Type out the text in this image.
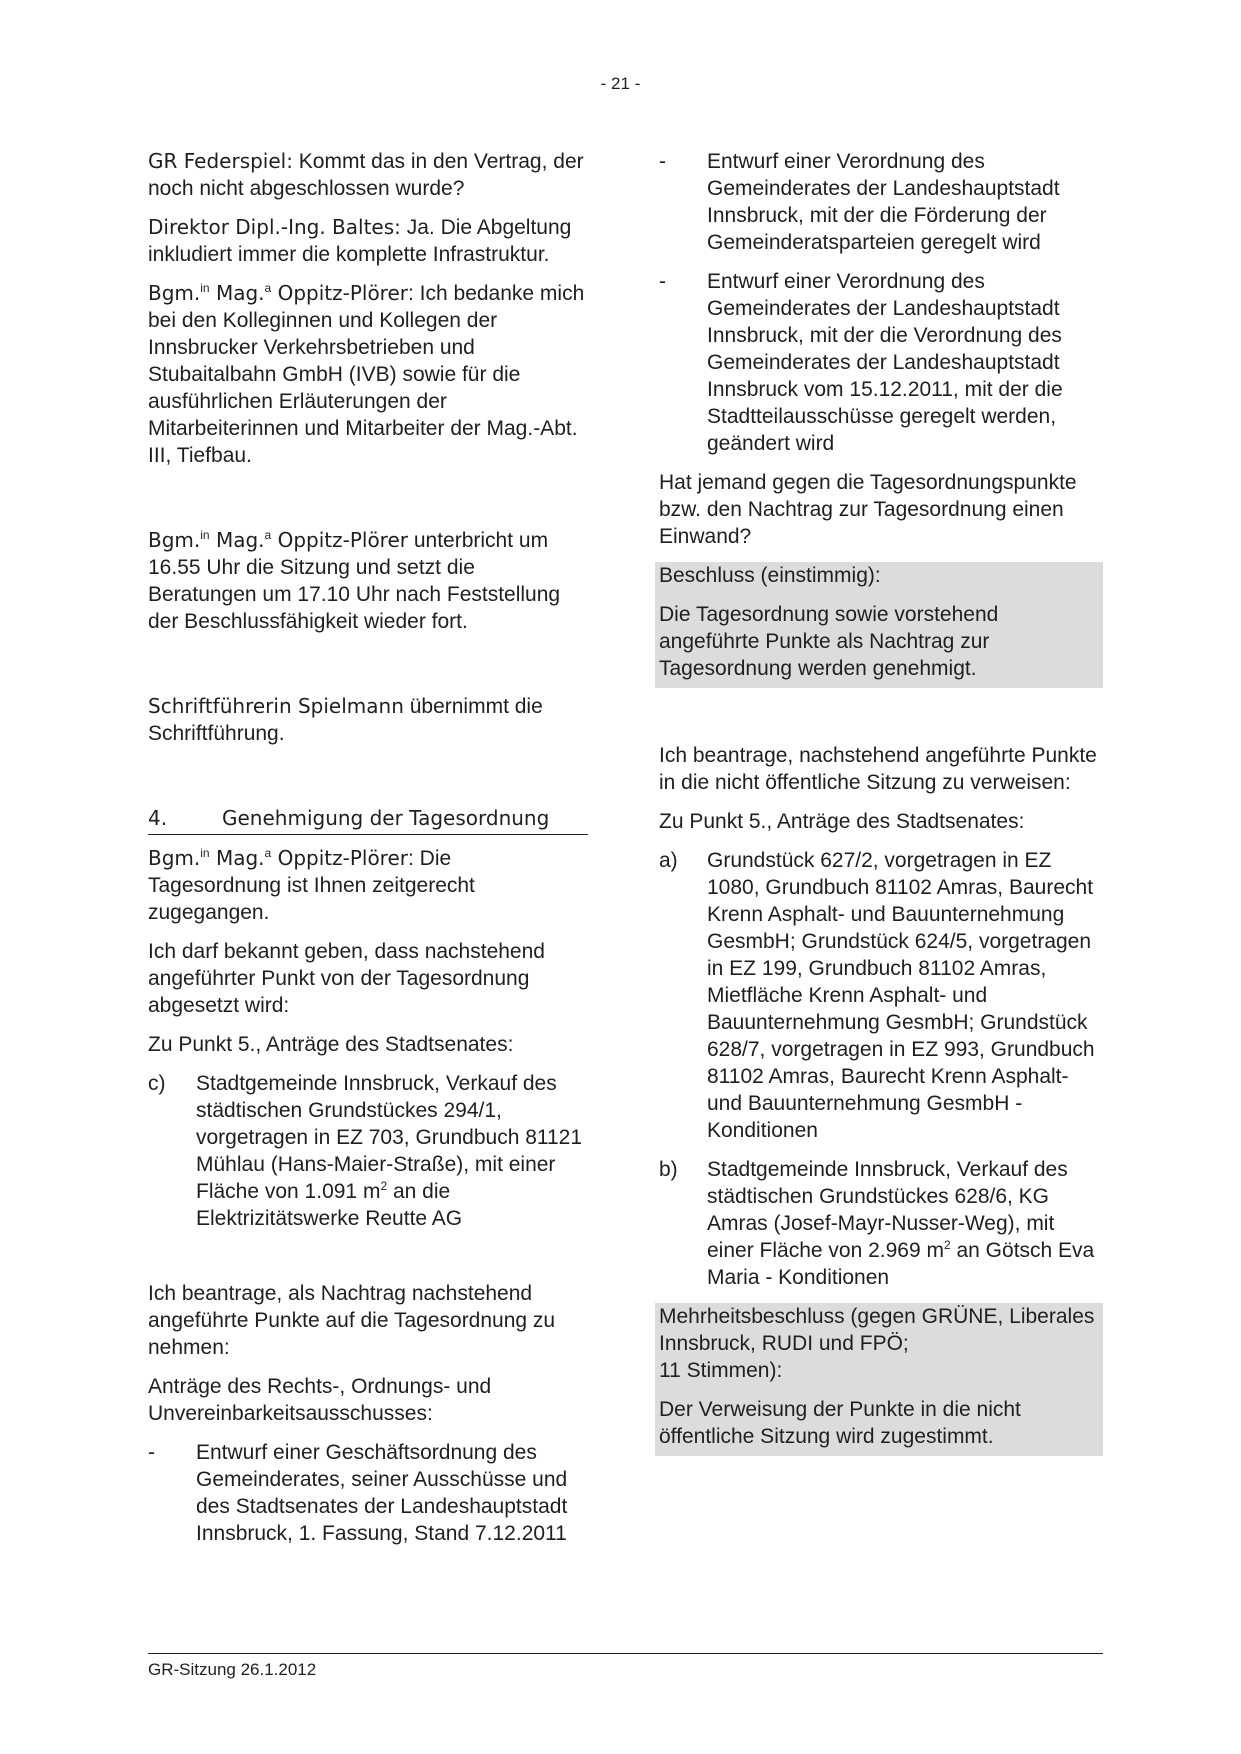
- 21 -

GR Federspiel: Kommt das in den Vertrag, der noch nicht abgeschlossen wurde?

Direktor Dipl.-Ing. Baltes: Ja. Die Abgeltung inkludiert immer die komplette Infrastruktur.

Bgm.$^{in}$ Mag.$^a$ Oppitz-Plörer: Ich bedanke mich bei den Kolleginnen und Kollegen der Innsbrucker Verkehrsbetrieben und Stubaitalbahn GmbH (IVB) sowie für die ausführlichen Erläuterungen der Mitarbeiterinnen und Mitarbeiter der Mag.-Abt. III, Tiefbau.

Bgm.$^{in}$ Mag.$^a$ Oppitz-Plörer unterbricht um 16.55 Uhr die Sitzung und setzt die Beratungen um 17.10 Uhr nach Feststellung der Beschlussfähigkeit wieder fort.

Schriftführerin Spielmann übernimmt die Schriftführung.

4.	Genehmigung der Tagesordnung

Bgm.$^{in}$ Mag.$^a$ Oppitz-Plörer: Die Tagesordnung ist Ihnen zeitgerecht zugegangen.

Ich darf bekannt geben, dass nachstehend angeführter Punkt von der Tagesordnung abgesetzt wird:

Zu Punkt 5., Anträge des Stadtsenates:

c)	Stadtgemeinde Innsbruck, Verkauf des städtischen Grundstückes 294/1, vorgetragen in EZ 703, Grundbuch 81121 Mühlau (Hans-Maier-Straße), mit einer Fläche von 1.091 $m^2$ an die Elektrizitätswerke Reutte AG

Ich beantrage, als Nachtrag nachstehend angeführte Punkte auf die Tagesordnung zu nehmen:

Anträge des Rechts-, Ordnungs- und Unvereinbarkeitsausschusses:

-	Entwurf einer Geschäftsordnung des Gemeinderates, seiner Ausschüsse und des Stadtsenates der Landeshauptstadt Innsbruck, 1. Fassung, Stand 7.12.2011
-	Entwurf einer Verordnung des Gemeinderates der Landeshauptstadt Innsbruck, mit der die Förderung der Gemeinderatsparteien geregelt wird
-	Entwurf einer Verordnung des Gemeinderates der Landeshauptstadt Innsbruck, mit der die Verordnung des Gemeinderates der Landeshauptstadt Innsbruck vom 15.12.2011, mit der die Stadtteilausschüsse geregelt werden, geändert wird

Hat jemand gegen die Tagesordnungspunkte bzw. den Nachtrag zur Tagesordnung einen Einwand?

Beschluss (einstimmig):

Die Tagesordnung sowie vorstehend angeführte Punkte als Nachtrag zur Tagesordnung werden genehmigt.

Ich beantrage, nachstehend angeführte Punkte in die nicht öffentliche Sitzung zu verweisen:

Zu Punkt 5., Anträge des Stadtsenates:

a)	Grundstück 627/2, vorgetragen in EZ 1080, Grundbuch 81102 Amras, Baurecht Krenn Asphalt- und Bauunternehmung GesmbH; Grundstück 624/5, vorgetragen in EZ 199, Grundbuch 81102 Amras, Mietfläche Krenn Asphalt- und Bauunternehmung GesmbH; Grundstück 628/7, vorgetragen in EZ 993, Grundbuch 81102 Amras, Baurecht Krenn Asphalt- und Bauunternehmung GesmbH - Konditionen
b)	Stadtgemeinde Innsbruck, Verkauf des städtischen Grundstückes 628/6, KG Amras (Josef-Mayr-Nusser-Weg), mit einer Fläche von 2.969 $m^2$ an Götsch Eva Maria - Konditionen

Mehrheitsbeschluss (gegen GRÜNE, Liberales Innsbruck, RUDI und FPÖ;
11 Stimmen):

Der Verweisung der Punkte in die nicht öffentliche Sitzung wird zugestimmt.

GR-Sitzung 26.1.2012
